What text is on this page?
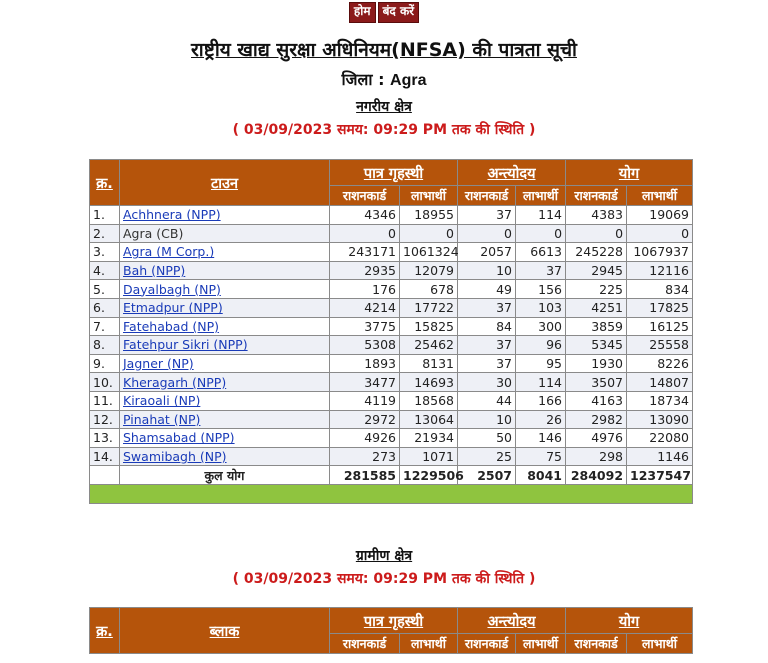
होम बंद करें
राष्ट्रीय खाद्य सुरक्षा अधिनियम(NFSA) की पात्रता सूची
जिला : Agra
नगरीय क्षेत्र
( 03/09/2023 समय: 09:29 PM तक की स्थिति )
क्र.	टाउन	पात्र गृहस्थी		अन्त्योदय		योग	
		राशनकार्ड	लाभार्थी	राशनकार्ड	लाभार्थी	राशनकार्ड	लाभार्थी
1.	Achhnera (NPP)	4346	18955	37	114	4383	19069
2.	Agra (CB)	0	0	0	0	0	0
3.	Agra (M Corp.)	243171	1061324	2057	6613	245228	1067937
4.	Bah (NPP)	2935	12079	10	37	2945	12116
5.	Dayalbagh (NP)	176	678	49	156	225	834
6.	Etmadpur (NPP)	4214	17722	37	103	4251	17825
7.	Fatehabad (NP)	3775	15825	84	300	3859	16125
8.	Fatehpur Sikri (NPP)	5308	25462	37	96	5345	25558
9.	Jagner (NP)	1893	8131	37	95	1930	8226
10.	Kheragarh (NPP)	3477	14693	30	114	3507	14807
11.	Kiraoali (NP)	4119	18568	44	166	4163	18734
12.	Pinahat (NP)	2972	13064	10	26	2982	13090
13.	Shamsabad (NPP)	4926	21934	50	146	4976	22080
14.	Swamibagh (NP)	273	1071	25	75	298	1146
	कुल योग	281585	1229506	2507	8041	284092	1237547

ग्रामीण क्षेत्र
( 03/09/2023 समय: 09:29 PM तक की स्थिति )
क्र.	ब्लाक	पात्र गृहस्थी		अन्त्योदय		योग	
		राशनकार्ड	लाभार्थी	राशनकार्ड	लाभार्थी	राशनकार्ड	लाभार्थी
